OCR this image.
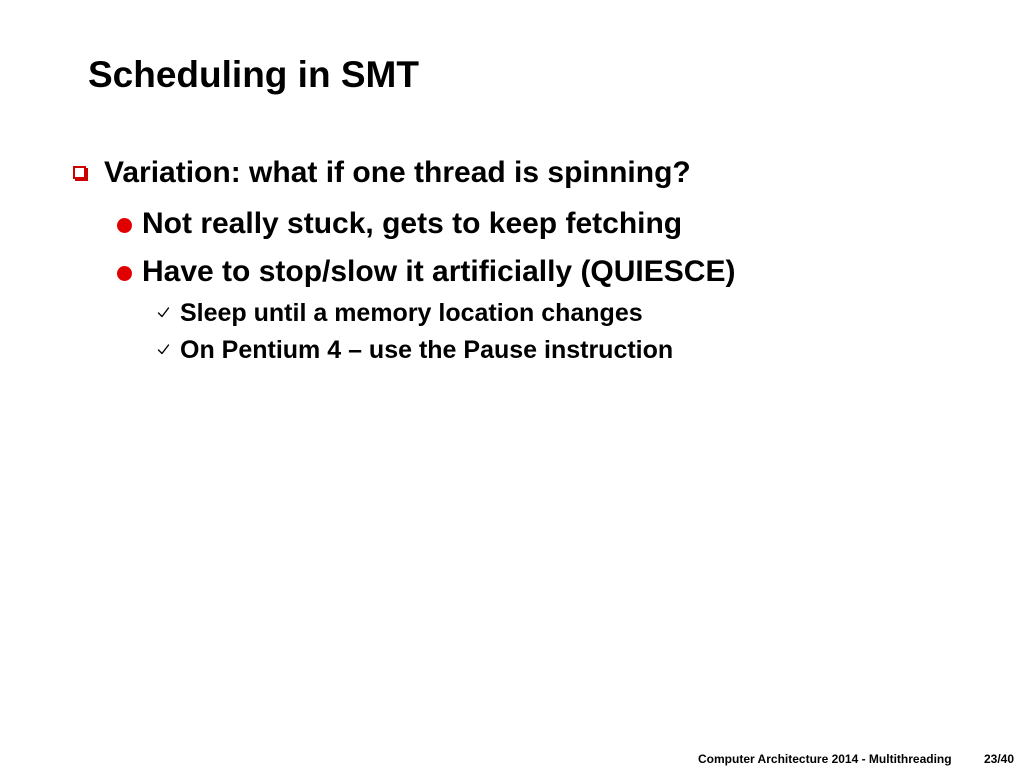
Scheduling in SMT
Variation: what if one thread is spinning?
Not really stuck, gets to keep fetching
Have to stop/slow it artificially (QUIESCE)
Sleep until a memory location changes
On Pentium 4 – use the Pause instruction
Computer Architecture 2014 - Multithreading	23/40
